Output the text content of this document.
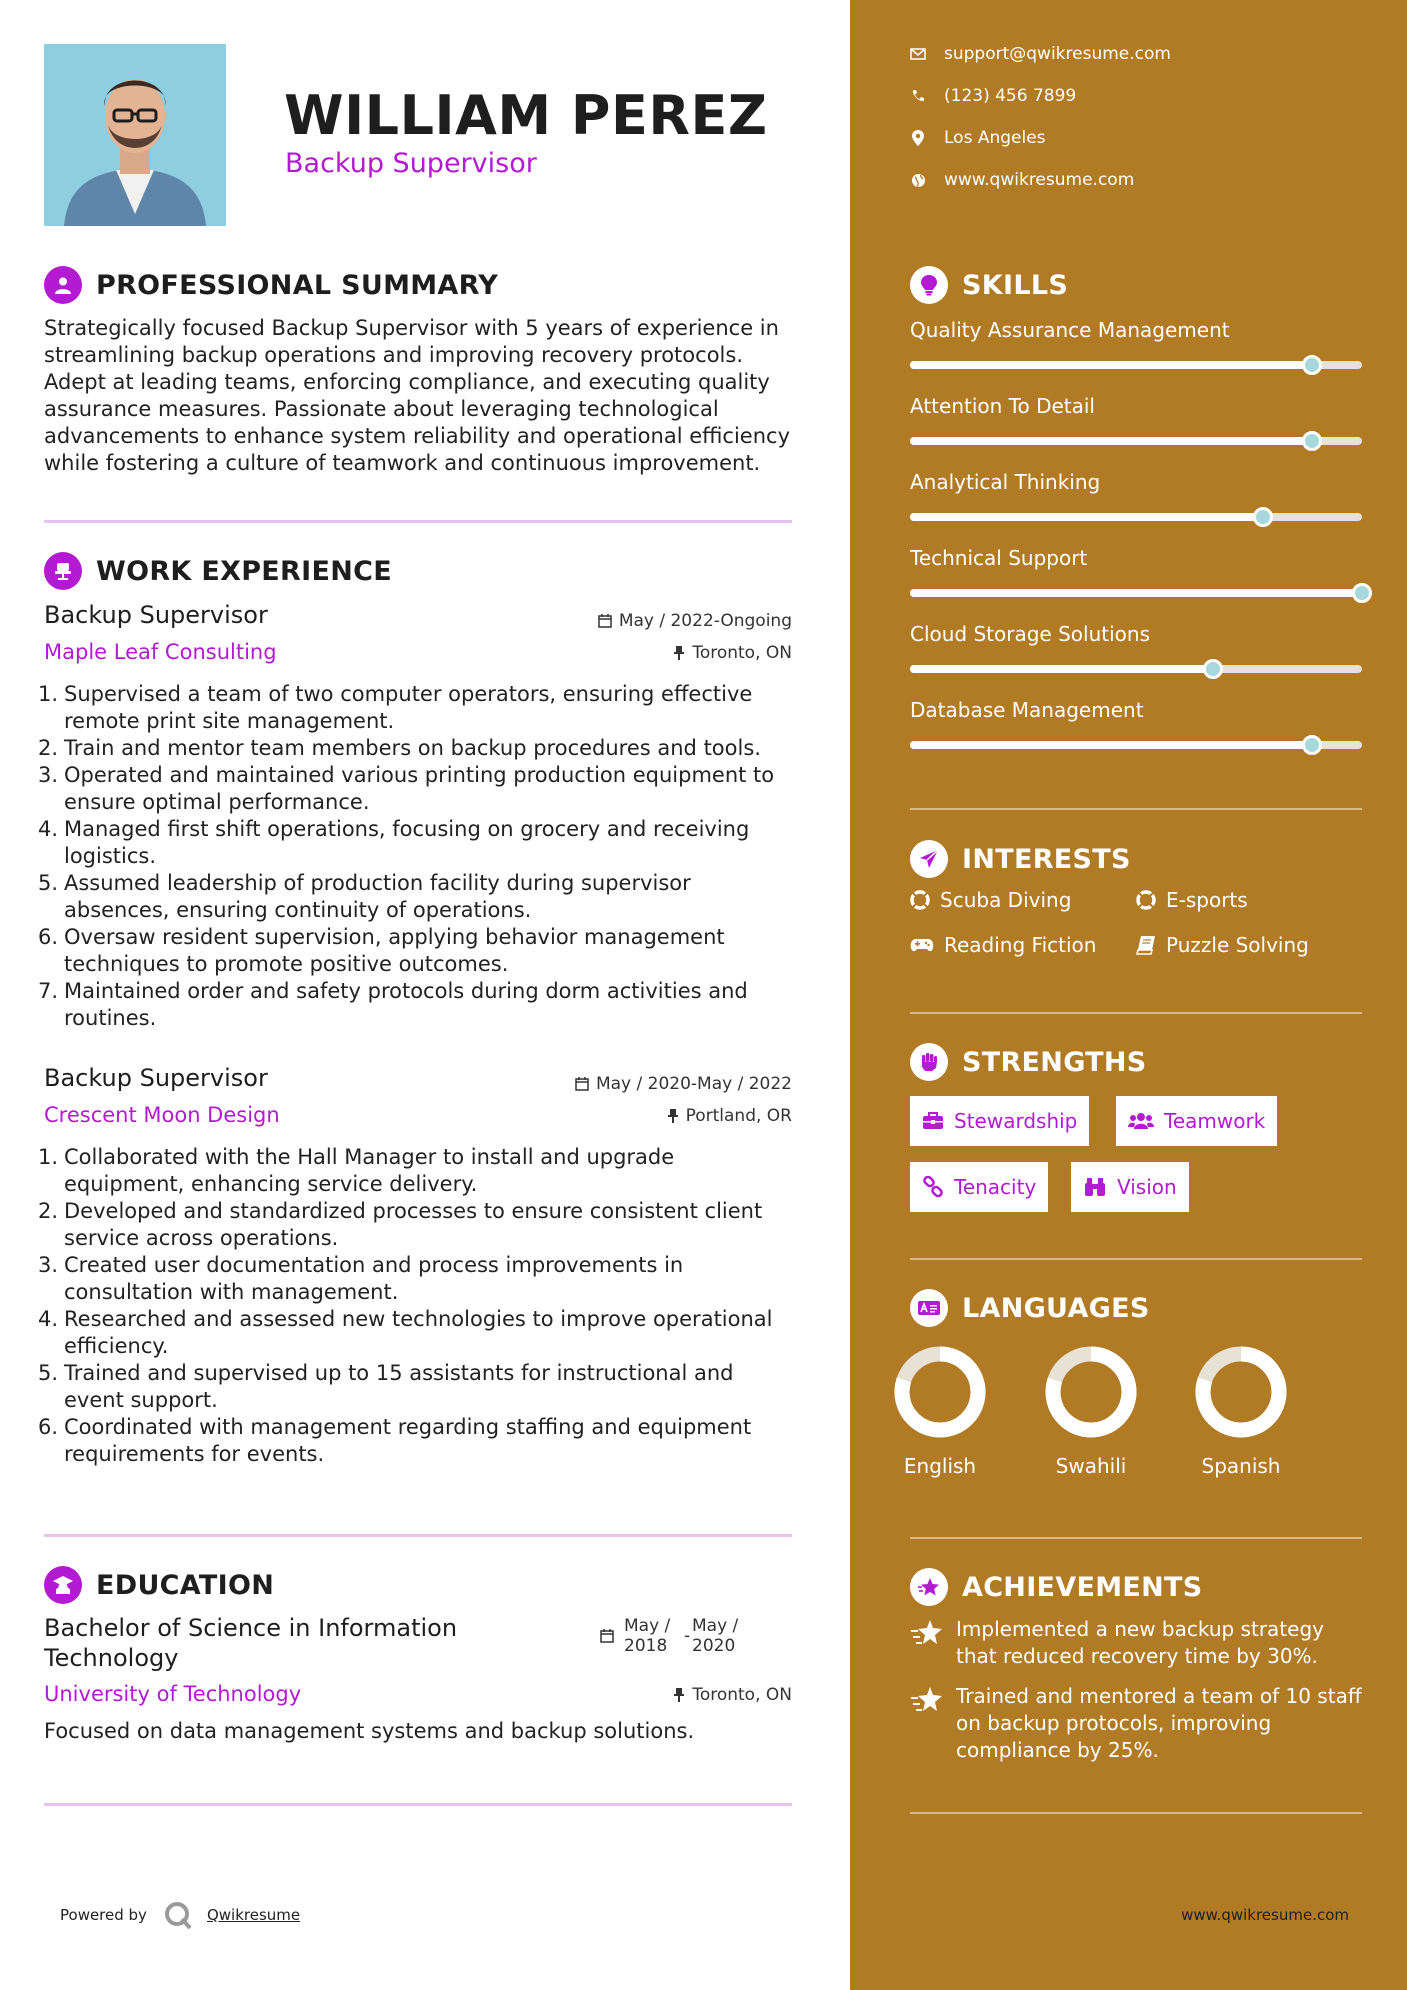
WILLIAM PEREZ
Backup Supervisor
PROFESSIONAL SUMMARY
Strategically focused Backup Supervisor with 5 years of experience in streamlining backup operations and improving recovery protocols. Adept at leading teams, enforcing compliance, and executing quality assurance measures. Passionate about leveraging technological advancements to enhance system reliability and operational efficiency while fostering a culture of teamwork and continuous improvement.
WORK EXPERIENCE
Backup Supervisor	May / 2022-Ongoing
Maple Leaf Consulting	Toronto, ON
1. Supervised a team of two computer operators, ensuring effective remote print site management.
2. Train and mentor team members on backup procedures and tools.
3. Operated and maintained various printing production equipment to ensure optimal performance.
4. Managed first shift operations, focusing on grocery and receiving logistics.
5. Assumed leadership of production facility during supervisor absences, ensuring continuity of operations.
6. Oversaw resident supervision, applying behavior management techniques to promote positive outcomes.
7. Maintained order and safety protocols during dorm activities and routines.
Backup Supervisor	May / 2020-May / 2022
Crescent Moon Design	Portland, OR
1. Collaborated with the Hall Manager to install and upgrade equipment, enhancing service delivery.
2. Developed and standardized processes to ensure consistent client service across operations.
3. Created user documentation and process improvements in consultation with management.
4. Researched and assessed new technologies to improve operational efficiency.
5. Trained and supervised up to 15 assistants for instructional and event support.
6. Coordinated with management regarding staffing and equipment requirements for events.
EDUCATION
Bachelor of Science in Information
Technology
May /
2018 - May /
2020
University of Technology	Toronto, ON
Focused on data management systems and backup solutions.
Powered by	Qwikresume
support@qwikresume.com
(123) 456 7899
Los Angeles
www.qwikresume.com
SKILLS
Quality Assurance Management
Attention To Detail
Analytical Thinking
Technical Support
Cloud Storage Solutions
Database Management
INTERESTS
Scuba Diving	E-sports
Reading Fiction	Puzzle Solving
STRENGTHS
Stewardship	Teamwork
Tenacity	Vision
LANGUAGES
English	Swahili	Spanish
ACHIEVEMENTS
Implemented a new backup strategy that reduced recovery time by 30%.
Trained and mentored a team of 10 staff on backup protocols, improving compliance by 25%.
www.qwikresume.com
